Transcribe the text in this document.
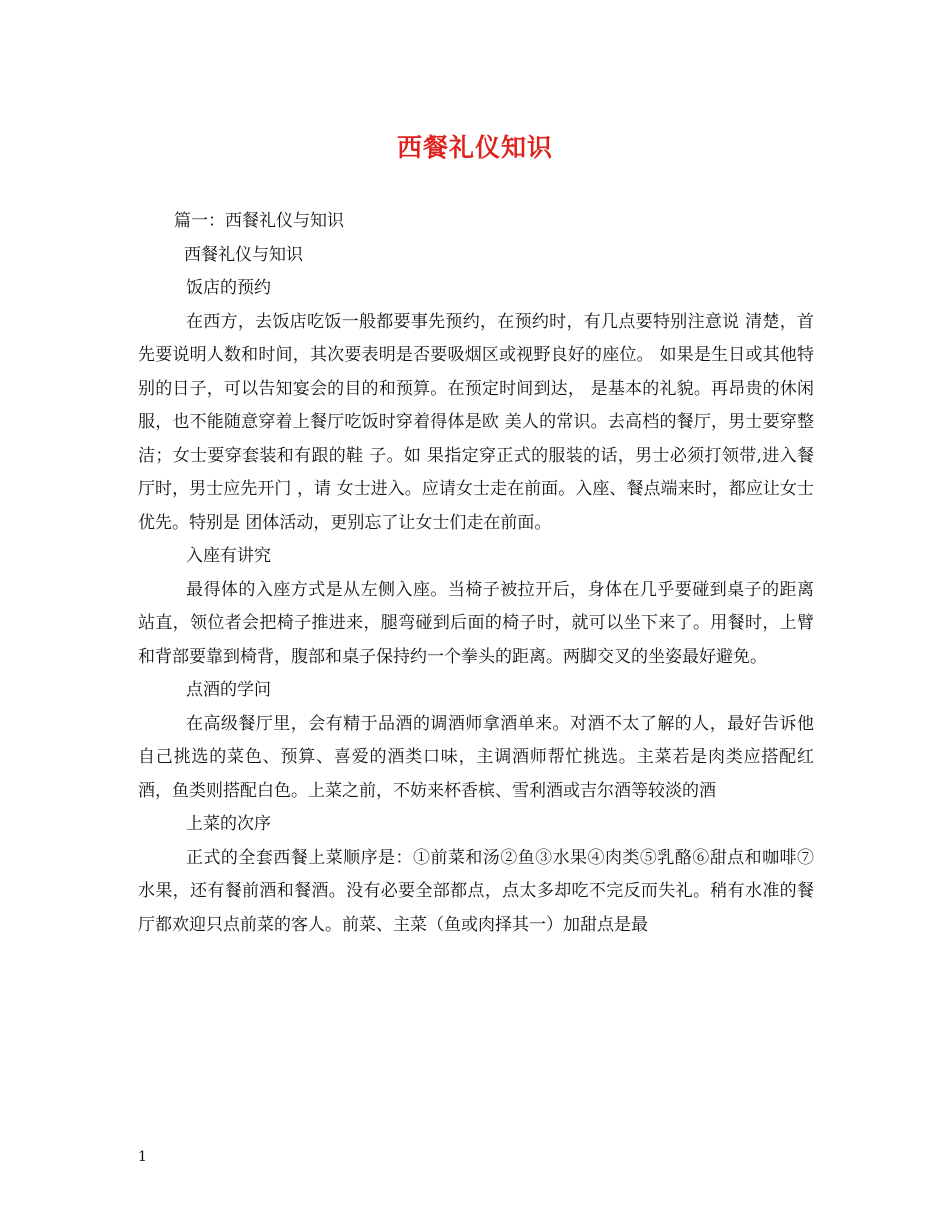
西餐礼仪知识

篇一：西餐礼仪与知识

西餐礼仪与知识

饭店的预约

在西方，去饭店吃饭一般都要事先预约，在预约时，有几点要特别注意说 清楚，首先要说明人数和时间，其次要表明是否要吸烟区或视野良好的座位。 如果是生日或其他特别的日子，可以告知宴会的目的和预算。在预定时间到达， 是基本的礼貌。再昂贵的休闲服，也不能随意穿着上餐厅吃饭时穿着得体是欧 美人的常识。去高档的餐厅，男士要穿整洁；女士要穿套装和有跟的鞋 子。如 果指定穿正式的服装的话，男士必须打领带,进入餐厅时，男士应先开门 ，请 女士进入。应请女士走在前面。入座、餐点端来时，都应让女士优先。特别是 团体活动，更别忘了让女士们走在前面。

入座有讲究

最得体的入座方式是从左侧入座。当椅子被拉开后，身体在几乎要碰到桌子的距离站直，领位者会把椅子推进来，腿弯碰到后面的椅子时，就可以坐下来了。用餐时，上臂和背部要靠到椅背，腹部和桌子保持约一个拳头的距离。两脚交叉的坐姿最好避免。

点酒的学问

在高级餐厅里，会有精于品酒的调酒师拿酒单来。对酒不太了解的人，最好告诉他自己挑选的菜色、预算、喜爱的酒类口味，主调酒师帮忙挑选。主菜若是肉类应搭配红酒，鱼类则搭配白色。上菜之前，不妨来杯香槟、雪利酒或吉尔酒等较淡的酒

上菜的次序

正式的全套西餐上菜顺序是：①前菜和汤②鱼③水果④肉类⑤乳酪⑥甜点和咖啡⑦水果，还有餐前酒和餐酒。没有必要全部都点，点太多却吃不完反而失礼。稍有水准的餐厅都欢迎只点前菜的客人。前菜、主菜（鱼或肉择其一）加甜点是最

1
